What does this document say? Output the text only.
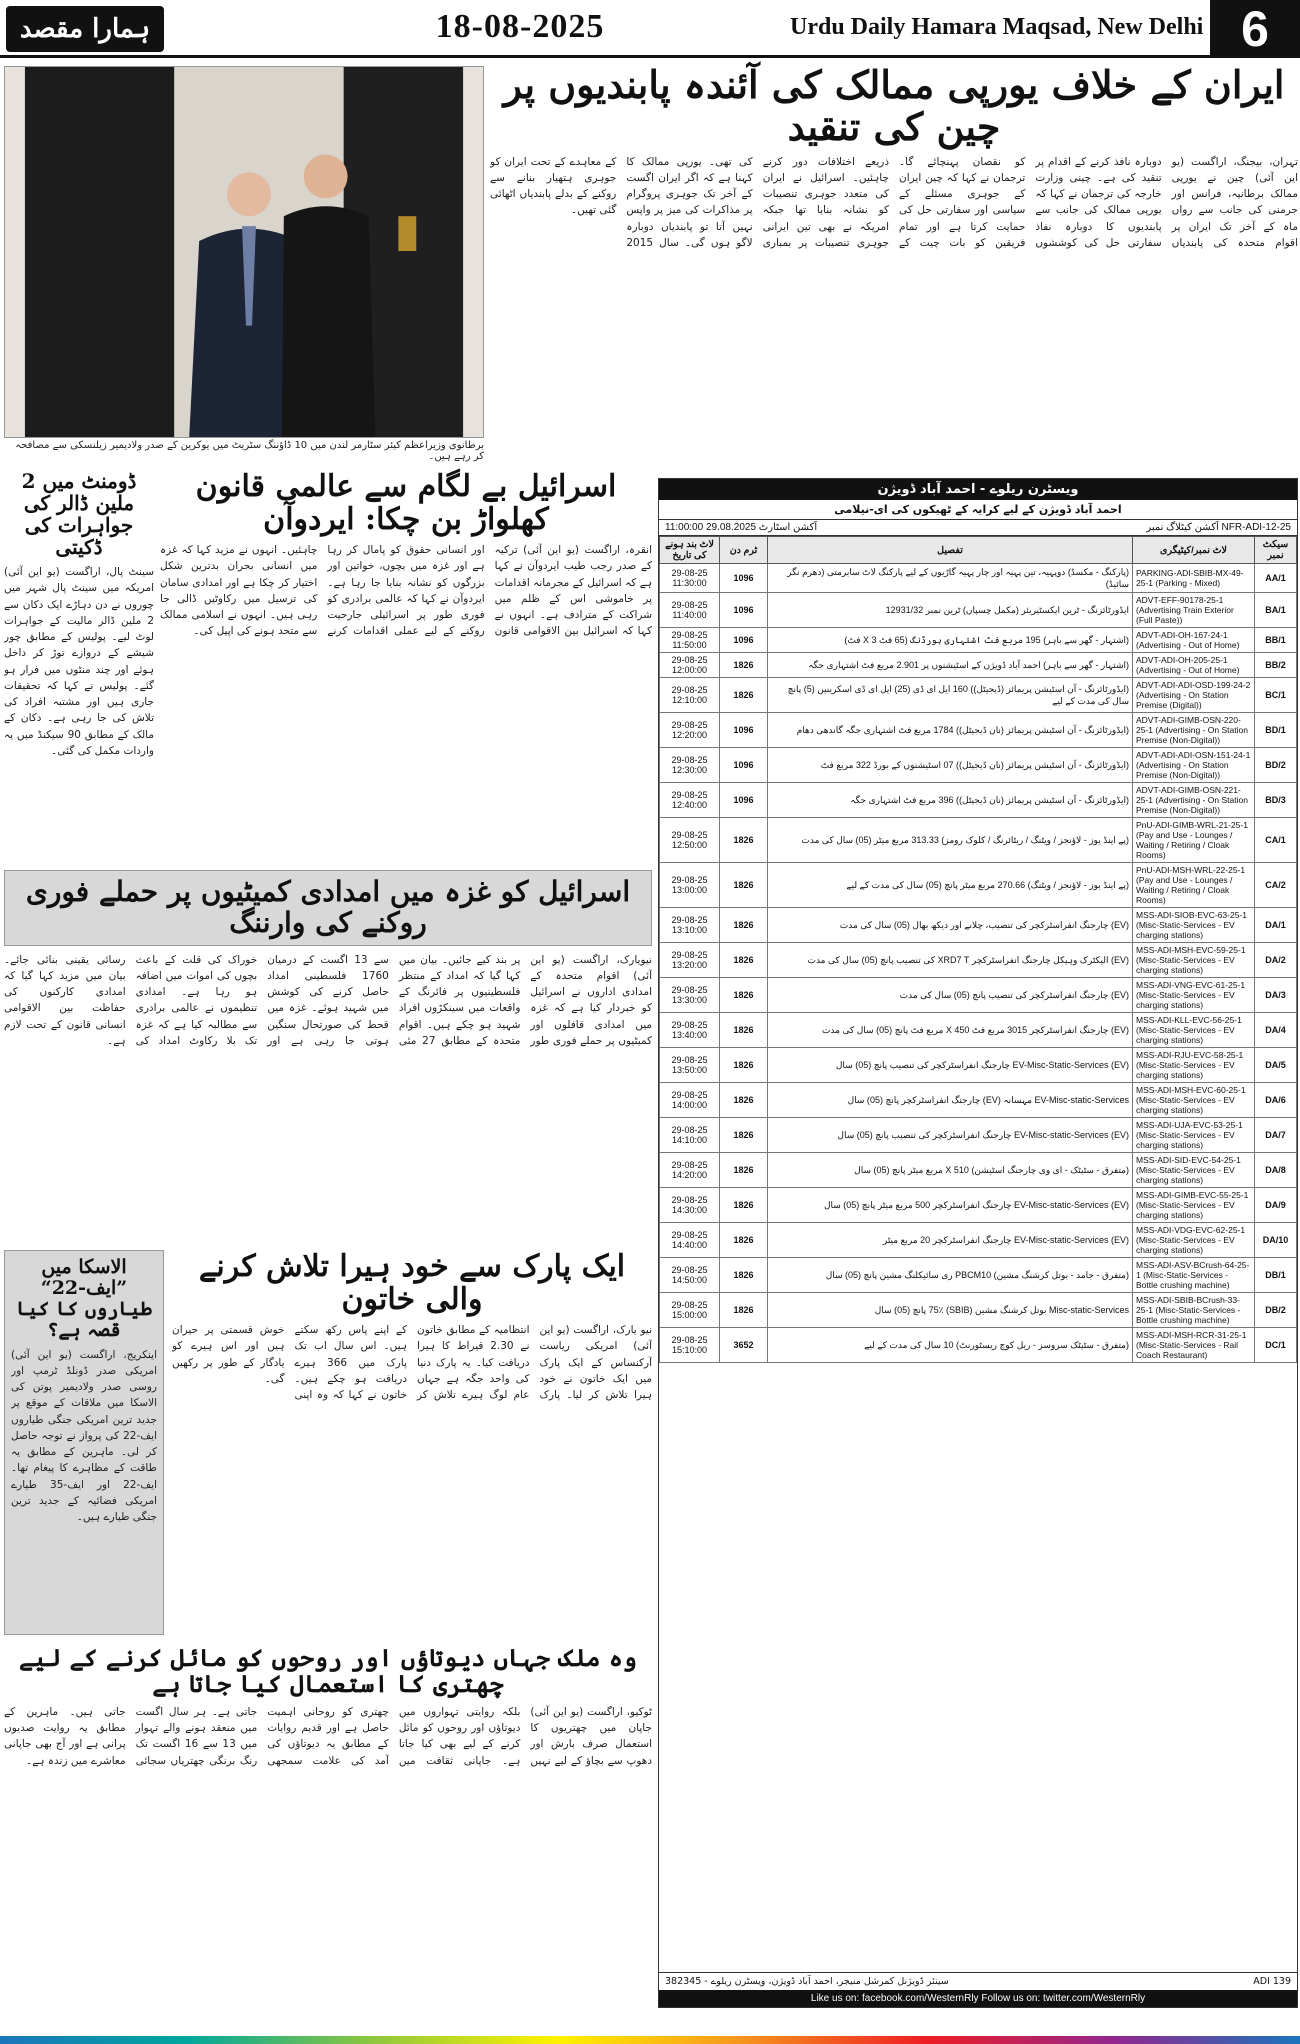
ہمارا مقصد	18-08-2025	Urdu Daily Hamara Maqsad, New Delhi 6
برطانوی وزیراعظم کیئر سٹارمر لندن میں 10 ڈاؤننگ سٹریٹ میں یوکرین کے صدر ولادیمیر زیلنسکی سے مصافحہ کر رہے ہیں۔
ایران کے خلاف یورپی ممالک کی آئندہ پابندیوں پر چین کی تنقید
تہران، بیجنگ، اراگست (یو این آئی) چین نے یورپی ممالک برطانیہ، فرانس اور جرمنی کی جانب سے رواں ماہ کے آخر تک ایران پر اقوام متحدہ کی پابندیاں دوبارہ نافذ کرنے کے اقدام پر تنقید کی ہے۔ چینی وزارت خارجہ کی ترجمان نے کہا کہ یورپی ممالک کی جانب سے پابندیوں کا دوبارہ نفاذ سفارتی حل کی کوششوں کو نقصان پہنچائے گا۔ ترجمان نے کہا کہ چین ایران کے جوہری مسئلے کے سیاسی اور سفارتی حل کی حمایت کرتا ہے اور تمام فریقین کو بات چیت کے ذریعے اختلافات دور کرنے چاہئیں۔ اسرائیل نے ایران کی متعدد جوہری تنصیبات کو نشانہ بنایا تھا جبکہ امریکہ نے بھی تین ایرانی جوہری تنصیبات پر بمباری کی تھی۔ یورپی ممالک کا کہنا ہے کہ اگر ایران اگست کے آخر تک جوہری پروگرام پر مذاکرات کی میز پر واپس نہیں آتا تو پابندیاں دوبارہ لاگو ہوں گی۔ سال 2015 کے معاہدے کے تحت ایران کو جوہری ہتھیار بنانے سے روکنے کے بدلے پابندیاں اٹھائی گئی تھیں۔
اسرائیل بے لگام سے عالمی قانون کھلواڑ بن چکا: ایردوآن
انقرہ، اراگست (یو این آئی) ترکیہ کے صدر رجب طیب ایردوآن نے کہا ہے کہ اسرائیل کے مجرمانہ اقدامات پر خاموشی اس کے ظلم میں شراکت کے مترادف ہے۔ انہوں نے کہا کہ اسرائیل بین الاقوامی قانون اور انسانی حقوق کو پامال کر رہا ہے اور غزہ میں بچوں، خواتین اور بزرگوں کو نشانہ بنایا جا رہا ہے۔ ایردوآن نے کہا کہ عالمی برادری کو فوری طور پر اسرائیلی جارحیت روکنے کے لیے عملی اقدامات کرنے چاہئیں۔ انہوں نے مزید کہا کہ غزہ میں انسانی بحران بدترین شکل اختیار کر چکا ہے اور امدادی سامان کی ترسیل میں رکاوٹیں ڈالی جا رہی ہیں۔ انہوں نے اسلامی ممالک سے متحد ہونے کی اپیل کی۔
ڈومنٹ میں 2 ملین ڈالر کی جواہرات کی ڈکیتی
سینٹ پال، اراگست (یو این آئی) امریکہ میں سینٹ پال شہر میں چوروں نے دن دہاڑے ایک دکان سے 2 ملین ڈالر مالیت کے جواہرات لوٹ لیے۔ پولیس کے مطابق چور شیشے کے دروازے توڑ کر داخل ہوئے اور چند منٹوں میں فرار ہو گئے۔ پولیس نے کہا کہ تحقیقات جاری ہیں اور مشتبہ افراد کی تلاش کی جا رہی ہے۔ دکان کے مالک کے مطابق 90 سیکنڈ میں یہ واردات مکمل کی گئی۔
اسرائیل کو غزہ میں امدادی کمیٹیوں پر حملے فوری روکنے کی وارننگ
نیویارک، اراگست (یو این آئی) اقوام متحدہ کے امدادی اداروں نے اسرائیل کو خبردار کیا ہے کہ غزہ میں امدادی قافلوں اور کمیٹیوں پر حملے فوری طور پر بند کیے جائیں۔ بیان میں کہا گیا کہ امداد کے منتظر فلسطینیوں پر فائرنگ کے واقعات میں سینکڑوں افراد شہید ہو چکے ہیں۔ اقوام متحدہ کے مطابق 27 مئی سے 13 اگست کے درمیان 1760 فلسطینی امداد حاصل کرنے کی کوشش میں شہید ہوئے۔ غزہ میں قحط کی صورتحال سنگین ہوتی جا رہی ہے اور خوراک کی قلت کے باعث بچوں کی اموات میں اضافہ ہو رہا ہے۔ امدادی تنظیموں نے عالمی برادری سے مطالبہ کیا ہے کہ غزہ تک بلا رکاوٹ امداد کی رسائی یقینی بنائی جائے۔ بیان میں مزید کہا گیا کہ امدادی کارکنوں کی حفاظت بین الاقوامی انسانی قانون کے تحت لازم ہے۔
الاسکا میں ”ایف-22“ طیاروں کا کیا قصہ ہے؟
اینکریج، اراگست (یو این آئی) امریکی صدر ڈونلڈ ٹرمپ اور روسی صدر ولادیمیر پوتن کی الاسکا میں ملاقات کے موقع پر جدید ترین امریکی جنگی طیاروں ایف-22 کی پرواز نے توجہ حاصل کر لی۔ ماہرین کے مطابق یہ طاقت کے مظاہرے کا پیغام تھا۔ ایف-22 اور ایف-35 طیارے امریکی فضائیہ کے جدید ترین جنگی طیارے ہیں۔
ایک پارک سے خود ہیرا تلاش کرنے والی خاتون
نیو یارک، اراگست (یو این آئی) امریکی ریاست آرکنساس کے ایک پارک میں ایک خاتون نے خود ہیرا تلاش کر لیا۔ پارک انتظامیہ کے مطابق خاتون نے 2.30 قیراط کا ہیرا دریافت کیا۔ یہ پارک دنیا کی واحد جگہ ہے جہاں عام لوگ ہیرے تلاش کر کے اپنے پاس رکھ سکتے ہیں۔ اس سال اب تک پارک میں 366 ہیرے دریافت ہو چکے ہیں۔ خاتون نے کہا کہ وہ اپنی خوش قسمتی پر حیران ہیں اور اس ہیرے کو یادگار کے طور پر رکھیں گی۔
وہ ملک جہاں دیوتاؤں اور روحوں کو مائل کرنے کے لیے چھتری کا استعمال کیا جاتا ہے
ٹوکیو، اراگست (یو این آئی) جاپان میں چھتریوں کا استعمال صرف بارش اور دھوپ سے بچاؤ کے لیے نہیں بلکہ روایتی تہواروں میں دیوتاؤں اور روحوں کو مائل کرنے کے لیے بھی کیا جاتا ہے۔ جاپانی ثقافت میں چھتری کو روحانی اہمیت حاصل ہے اور قدیم روایات کے مطابق یہ دیوتاؤں کی آمد کی علامت سمجھی جاتی ہے۔ ہر سال اگست میں منعقد ہونے والے تہوار میں 13 سے 16 اگست تک رنگ برنگی چھتریاں سجائی جاتی ہیں۔ ماہرین کے مطابق یہ روایت صدیوں پرانی ہے اور آج بھی جاپانی معاشرے میں زندہ ہے۔
ویسٹرن ریلوے - احمد آباد ڈویژن
احمد آباد ڈویژن کے لیے کرایہ کے ٹھیکوں کی ای-نیلامی
آکشن اسٹارٹ 29.08.2025 11:00:00	آکشن کیٹلاگ نمبر NFR-ADI-12-25
لاٹ بند ہونے کی تاریخ	ٹرم دن	تفصیل	لاٹ نمبر/کیٹیگری	سیکٹ نمبر
29-08-25 11:30:00	1096	(پارکنگ - مکسڈ) دوپہیہ، تین پہیہ اور چار پہیہ گاڑیوں کے لیے پارکنگ لاٹ سابرمتی (دھرم نگر سائیڈ)	PARKING-ADI-SBIB-MX-49-25-1 (Parking - Mixed)	AA/1
29-08-25 11:40:00	1096	ایڈورٹائزنگ - ٹرین ایکسٹیریئر (مکمل چسپاں) ٹرین نمبر 12931/32	ADVT-EFF-90178-25-1 (Advertising Train Exterior (Full Paste))	BA/1
29-08-25 11:50:00	1096	(اشتہار - گھر سے باہر) 195 مربع فٹ اشتہاری ہورڈنگ (65 فٹ X 3 فٹ)	ADVT-ADI-OH-167-24-1 (Advertising - Out of Home)	BB/1
29-08-25 12:00:00	1826	(اشتہار - گھر سے باہر) احمد آباد ڈویژن کے اسٹیشنوں پر 2.901 مربع فٹ اشتہاری جگہ	ADVT-ADI-OH-205-25-1 (Advertising - Out of Home)	BB/2
29-08-25 12:10:00	1826	(ایڈورٹائزنگ - آن اسٹیشن پریمائز (ڈیجیٹل)) 160 ایل ای ڈی (25) ایل ای ڈی اسکرینیں (5) پانچ سال کی مدت کے لیے	ADVT-ADI-ADI-OSD-199-24-2 (Advertising - On Station Premise (Digital))	BC/1
29-08-25 12:20:00	1096	(ایڈورٹائزنگ - آن اسٹیشن پریمائز (نان ڈیجیٹل)) 1784 مربع فٹ اشتہاری جگہ گاندھی دھام	ADVT-ADI-GIMB-OSN-220-25-1 (Advertising - On Station Premise (Non-Digital))	BD/1
29-08-25 12:30:00	1096	(ایڈورٹائزنگ - آن اسٹیشن پریمائز (نان ڈیجیٹل)) 07 اسٹیشنوں کے بورڈ 322 مربع فٹ	ADVT-ADI-ADI-OSN-151-24-1 (Advertising - On Station Premise (Non-Digital))	BD/2
29-08-25 12:40:00	1096	(ایڈورٹائزنگ - آن اسٹیشن پریمائز (نان ڈیجیٹل)) 396 مربع فٹ اشتہاری جگہ	ADVT-ADI-GIMB-OSN-221-25-1 (Advertising - On Station Premise (Non-Digital))	BD/3
29-08-25 12:50:00	1826	(پے اینڈ یوز - لاؤنجز / ویٹنگ / ریٹائرنگ / کلوک رومز) 313.33 مربع میٹر (05) سال کی مدت	PnU-ADI-GIMB-WRL-21-25-1 (Pay and Use - Lounges / Waiting / Retiring / Cloak Rooms)	CA/1
29-08-25 13:00:00	1826	(پے اینڈ یوز - لاؤنجز / ویٹنگ) 270.66 مربع میٹر پانچ (05) سال کی مدت کے لیے	PnU-ADI-MSH-WRL-22-25-1 (Pay and Use - Lounges / Waiting / Retiring / Cloak Rooms)	CA/2
29-08-25 13:10:00	1826	(EV) چارجنگ انفراسٹرکچر کی تنصیب، چلانے اور دیکھ بھال (05) سال کی مدت	MSS-ADI-SIOB-EVC-63-25-1 (Misc-Static-Services - EV charging stations)	DA/1
29-08-25 13:20:00	1826	(EV) الیکٹرک وہیکل چارجنگ انفراسٹرکچر XRD7 T کی تنصیب پانچ (05) سال کی مدت	MSS-ADI-MSH-EVC-59-25-1 (Misc-Static-Services - EV charging stations)	DA/2
29-08-25 13:30:00	1826	(EV) چارجنگ انفراسٹرکچر کی تنصیب پانچ (05) سال کی مدت	MSS-ADI-VNG-EVC-61-25-1 (Misc-Static-Services - EV charging stations)	DA/3
29-08-25 13:40:00	1826	(EV) چارجنگ انفراسٹرکچر 3015 مربع فٹ X 450 مربع فٹ پانچ (05) سال کی مدت	MSS-ADI-KLL-EVC-56-25-1 (Misc-Static-Services - EV charging stations)	DA/4
29-08-25 13:50:00	1826	EV-Misc-Static-Services (EV) چارجنگ انفراسٹرکچر کی تنصیب پانچ (05) سال	MSS-ADI-RJU-EVC-58-25-1 (Misc-Static-Services - EV charging stations)	DA/5
29-08-25 14:00:00	1826	EV-Misc-static-Services مہسانہ (EV) چارجنگ انفراسٹرکچر پانچ (05) سال	MSS-ADI-MSH-EVC-60-25-1 (Misc-Static-Services - EV charging stations)	DA/6
29-08-25 14:10:00	1826	EV-Misc-static-Services (EV) چارجنگ انفراسٹرکچر کی تنصیب پانچ (05) سال	MSS-ADI-UJA-EVC-53-25-1 (Misc-Static-Services - EV charging stations)	DA/7
29-08-25 14:20:00	1826	(متفرق - سٹیٹک - ای وی چارجنگ اسٹیشن) 510 X مربع میٹر پانچ (05) سال	MSS-ADI-SID-EVC-54-25-1 (Misc-Static-Services - EV charging stations)	DA/8
29-08-25 14:30:00	1826	EV-Misc-static-Services (EV) چارجنگ انفراسٹرکچر 500 مربع میٹر پانچ (05) سال	MSS-ADI-GIMB-EVC-55-25-1 (Misc-Static-Services - EV charging stations)	DA/9
29-08-25 14:40:00	1826	EV-Misc-static-Services (EV) چارجنگ انفراسٹرکچر 20 مربع میٹر	MSS-ADI-VDG-EVC-62-25-1 (Misc-Static-Services - EV charging stations)	DA/10
29-08-25 14:50:00	1826	(متفرق - جامد - بوتل کرشنگ مشین) PBCM10 ری سائیکلنگ مشین پانچ (05) سال	MSS-ADI-ASV-BCrush-64-25-1 (Misc-Static-Services - Bottle crushing machine)	DB/1
29-08-25 15:00:00	1826	Misc-static-Services بوتل کرشنگ مشین (SBIB) 75٪ پانچ (05) سال	MSS-ADI-SBIB-BCrush-33-25-1 (Misc-Static-Services - Bottle crushing machine)	DB/2
29-08-25 15:10:00	3652	(متفرق - سٹیٹک سروسز - ریل کوچ ریسٹورنٹ) 10 سال کی مدت کے لیے	MSS-ADI-MSH-RCR-31-25-1 (Misc-Static-Services - Rail Coach Restaurant)	DC/1
ADI 139
سینئر ڈویژنل کمرشل منیجر، احمد آباد ڈویژن، ویسٹرن ریلوے - 382345
Like us on: facebook.com/WesternRly Follow us on: twitter.com/WesternRly
